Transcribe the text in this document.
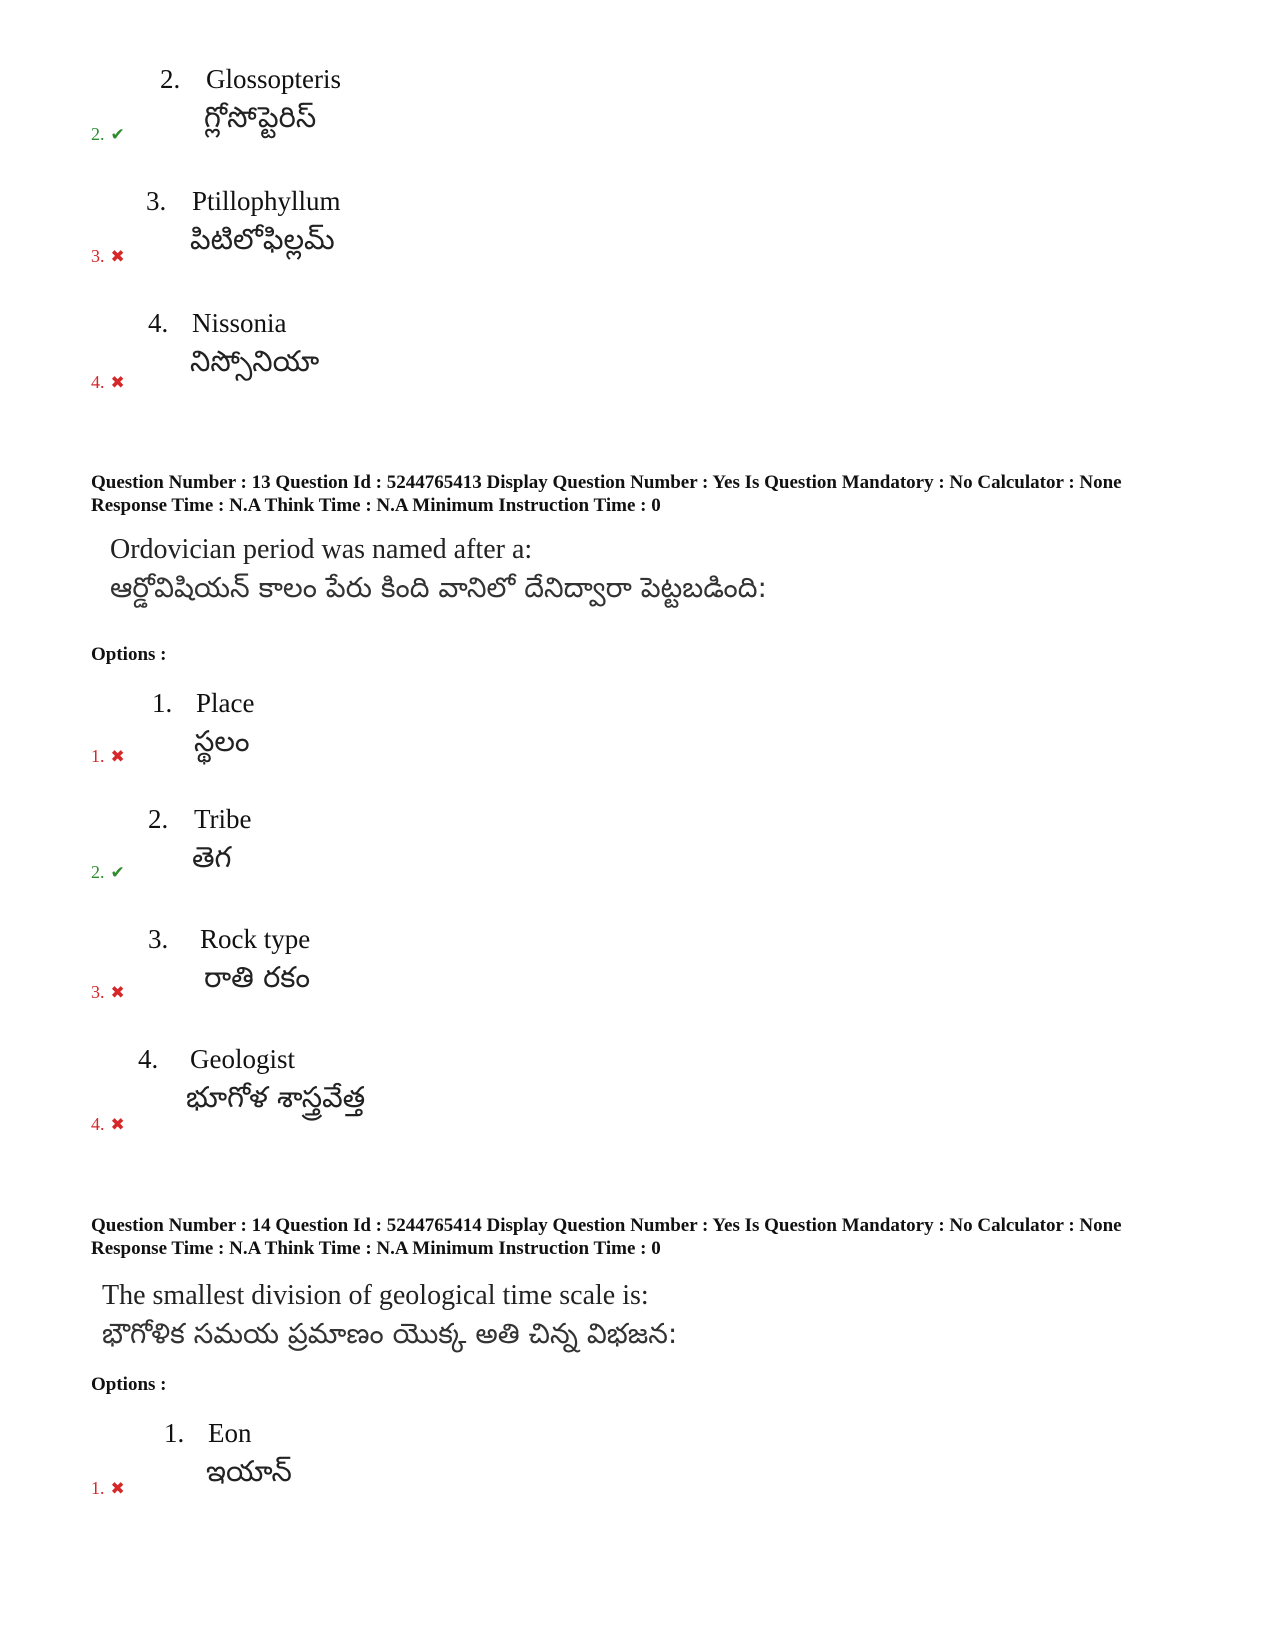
2. Glossopteris
గ్లోసోప్టెరిస్
2. ✔
3. Ptillophyllum
పిటిలోఫిల్లమ్
3. ✖
4. Nissonia
నిస్సోనియా
4. ✖
Question Number : 13 Question Id : 5244765413 Display Question Number : Yes Is Question Mandatory : No Calculator : None Response Time : N.A Think Time : N.A Minimum Instruction Time : 0
Ordovician period was named after a:
ఆర్డోవిషియన్ కాలం పేరు కింది వానిలో దేనిద్వారా పెట్టబడింది:
Options :
1. Place
స్థలం
1. ✖
2. Tribe
తెగ
2. ✔
3. Rock type
రాతి రకం
3. ✖
4. Geologist
భూగోళ శాస్త్రవేత్త
4. ✖
Question Number : 14 Question Id : 5244765414 Display Question Number : Yes Is Question Mandatory : No Calculator : None Response Time : N.A Think Time : N.A Minimum Instruction Time : 0
The smallest division of geological time scale is:
భౌగోళిక సమయ ప్రమాణం యొక్క అతి చిన్న విభజన:
Options :
1. Eon
ఇయాన్
1. ✖
